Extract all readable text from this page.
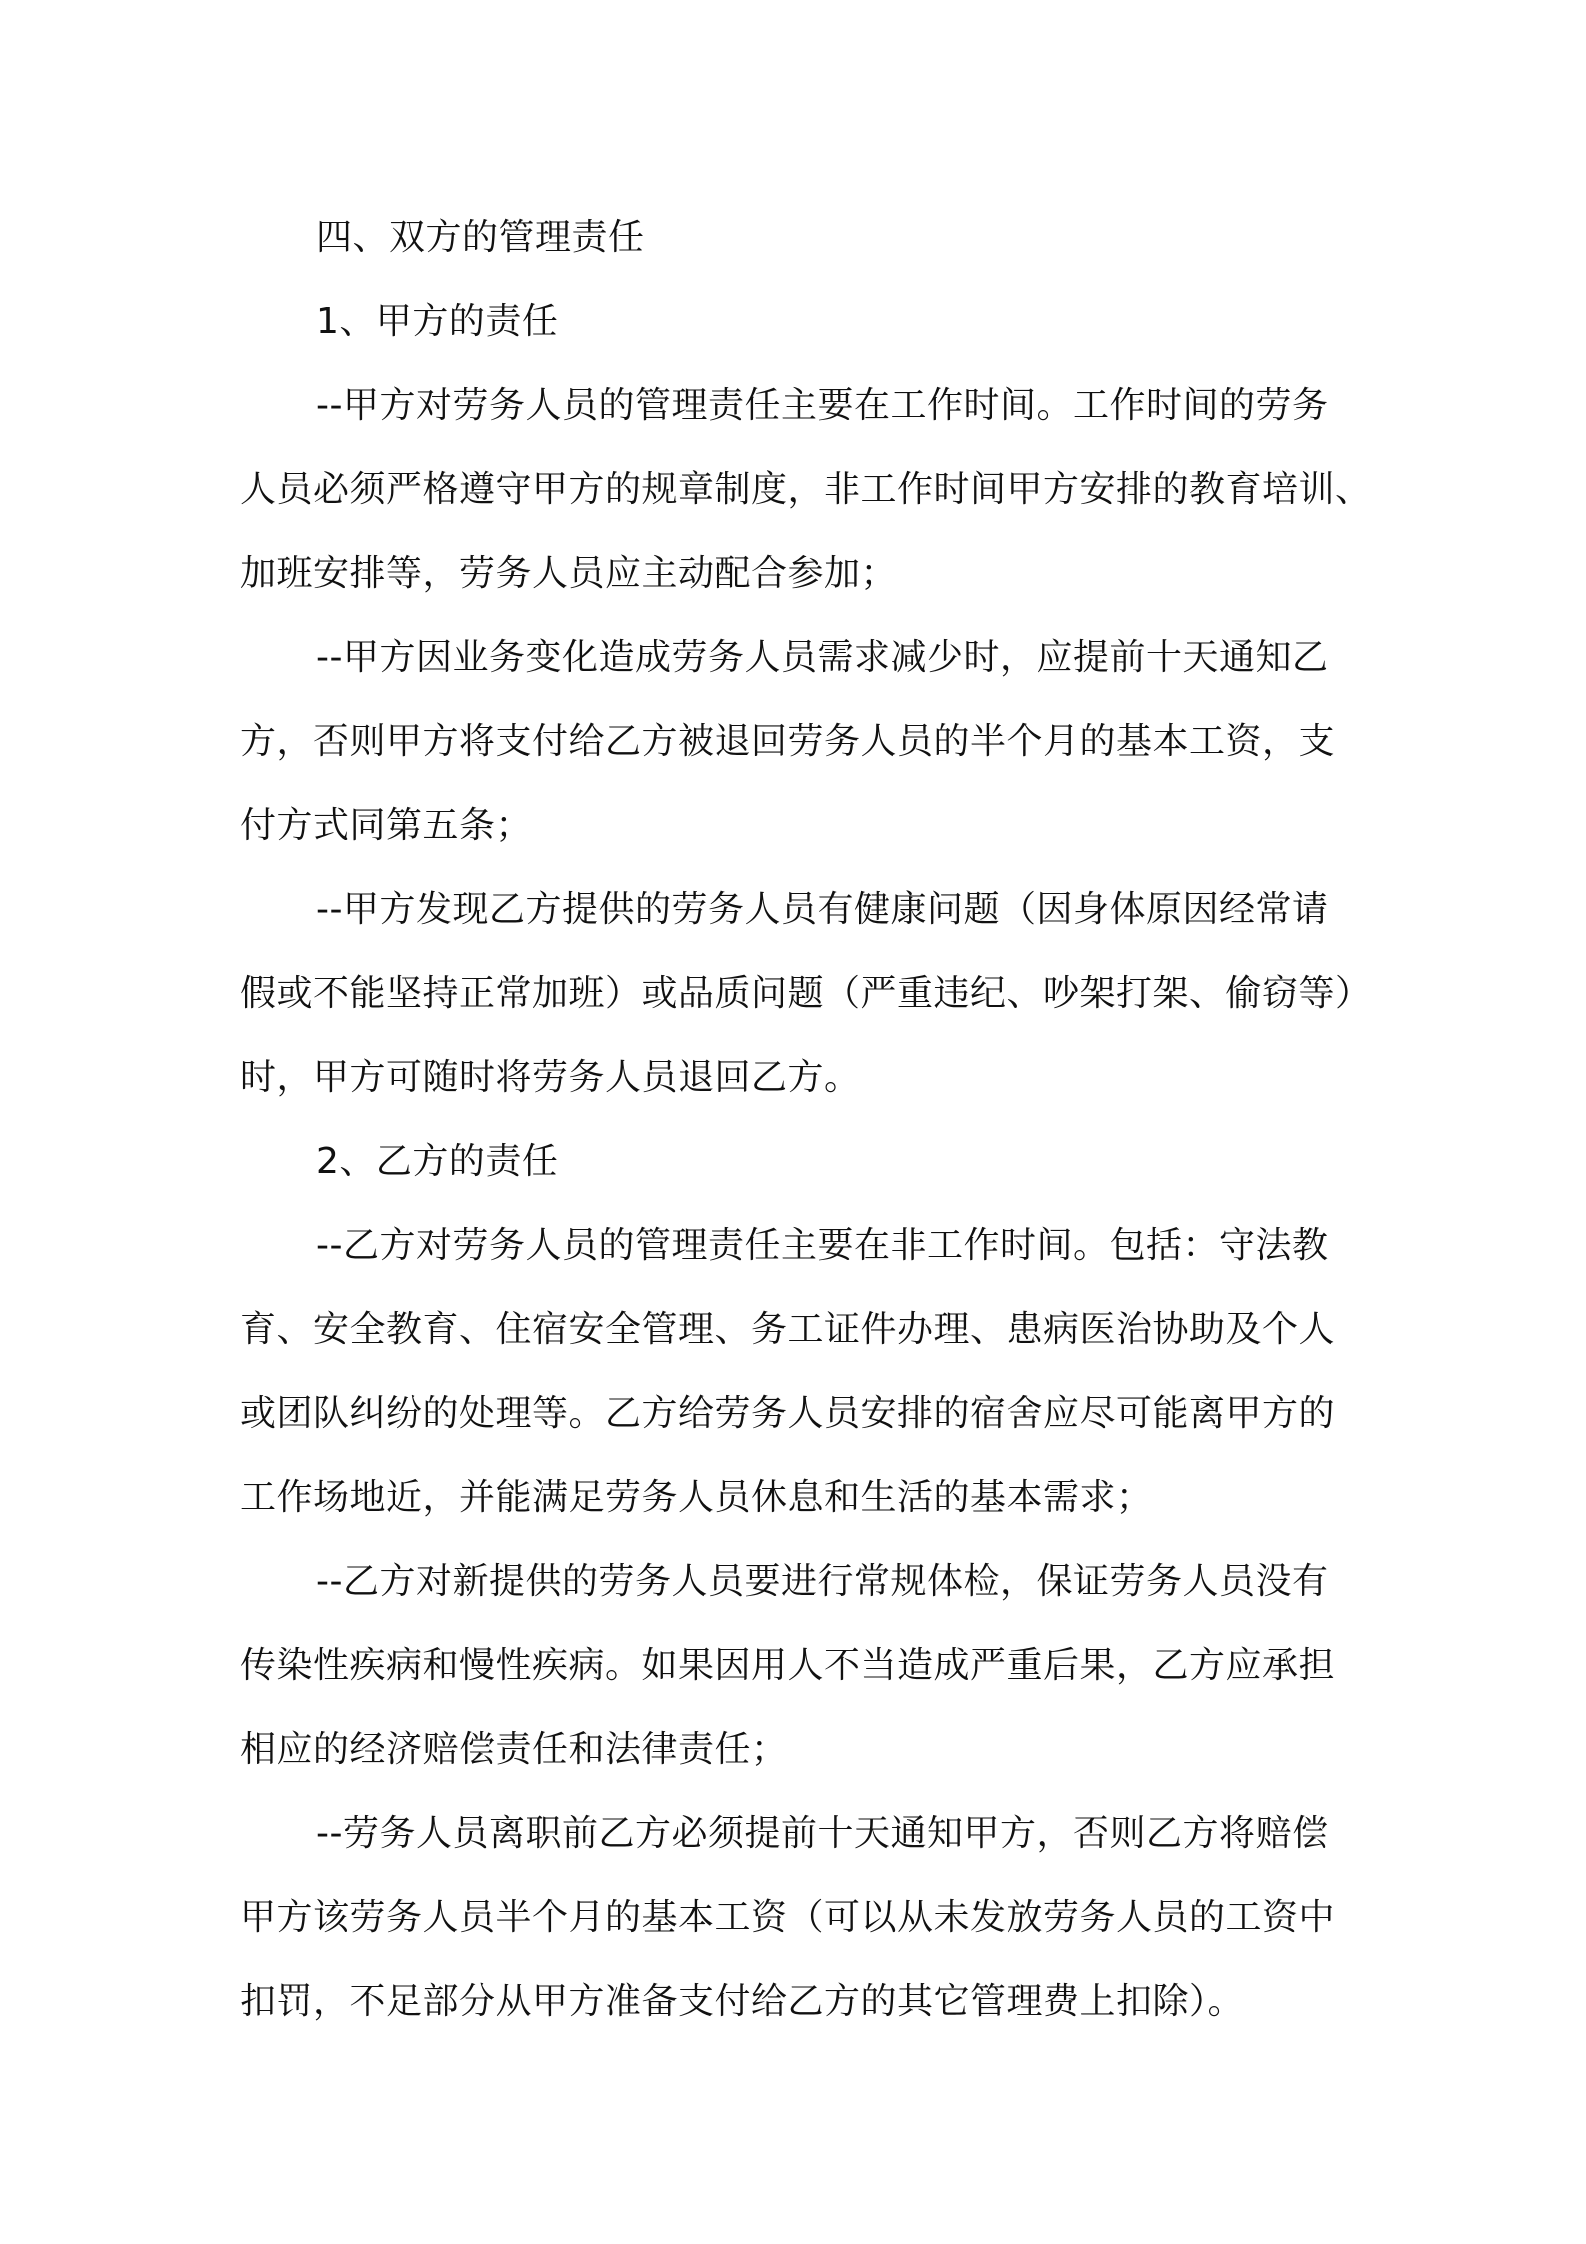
四、双方的管理责任
1、甲方的责任
--甲方对劳务人员的管理责任主要在工作时间。工作时间的劳务
人员必须严格遵守甲方的规章制度，非工作时间甲方安排的教育培训、
加班安排等，劳务人员应主动配合参加；
--甲方因业务变化造成劳务人员需求减少时，应提前十天通知乙
方，否则甲方将支付给乙方被退回劳务人员的半个月的基本工资，支
付方式同第五条；
--甲方发现乙方提供的劳务人员有健康问题（因身体原因经常请
假或不能坚持正常加班）或品质问题（严重违纪、吵架打架、偷窃等）
时，甲方可随时将劳务人员退回乙方。
2、乙方的责任
--乙方对劳务人员的管理责任主要在非工作时间。包括：守法教
育、安全教育、住宿安全管理、务工证件办理、患病医治协助及个人
或团队纠纷的处理等。乙方给劳务人员安排的宿舍应尽可能离甲方的
工作场地近，并能满足劳务人员休息和生活的基本需求；
--乙方对新提供的劳务人员要进行常规体检，保证劳务人员没有
传染性疾病和慢性疾病。如果因用人不当造成严重后果，乙方应承担
相应的经济赔偿责任和法律责任；
--劳务人员离职前乙方必须提前十天通知甲方，否则乙方将赔偿
甲方该劳务人员半个月的基本工资（可以从未发放劳务人员的工资中
扣罚，不足部分从甲方准备支付给乙方的其它管理费上扣除）。
